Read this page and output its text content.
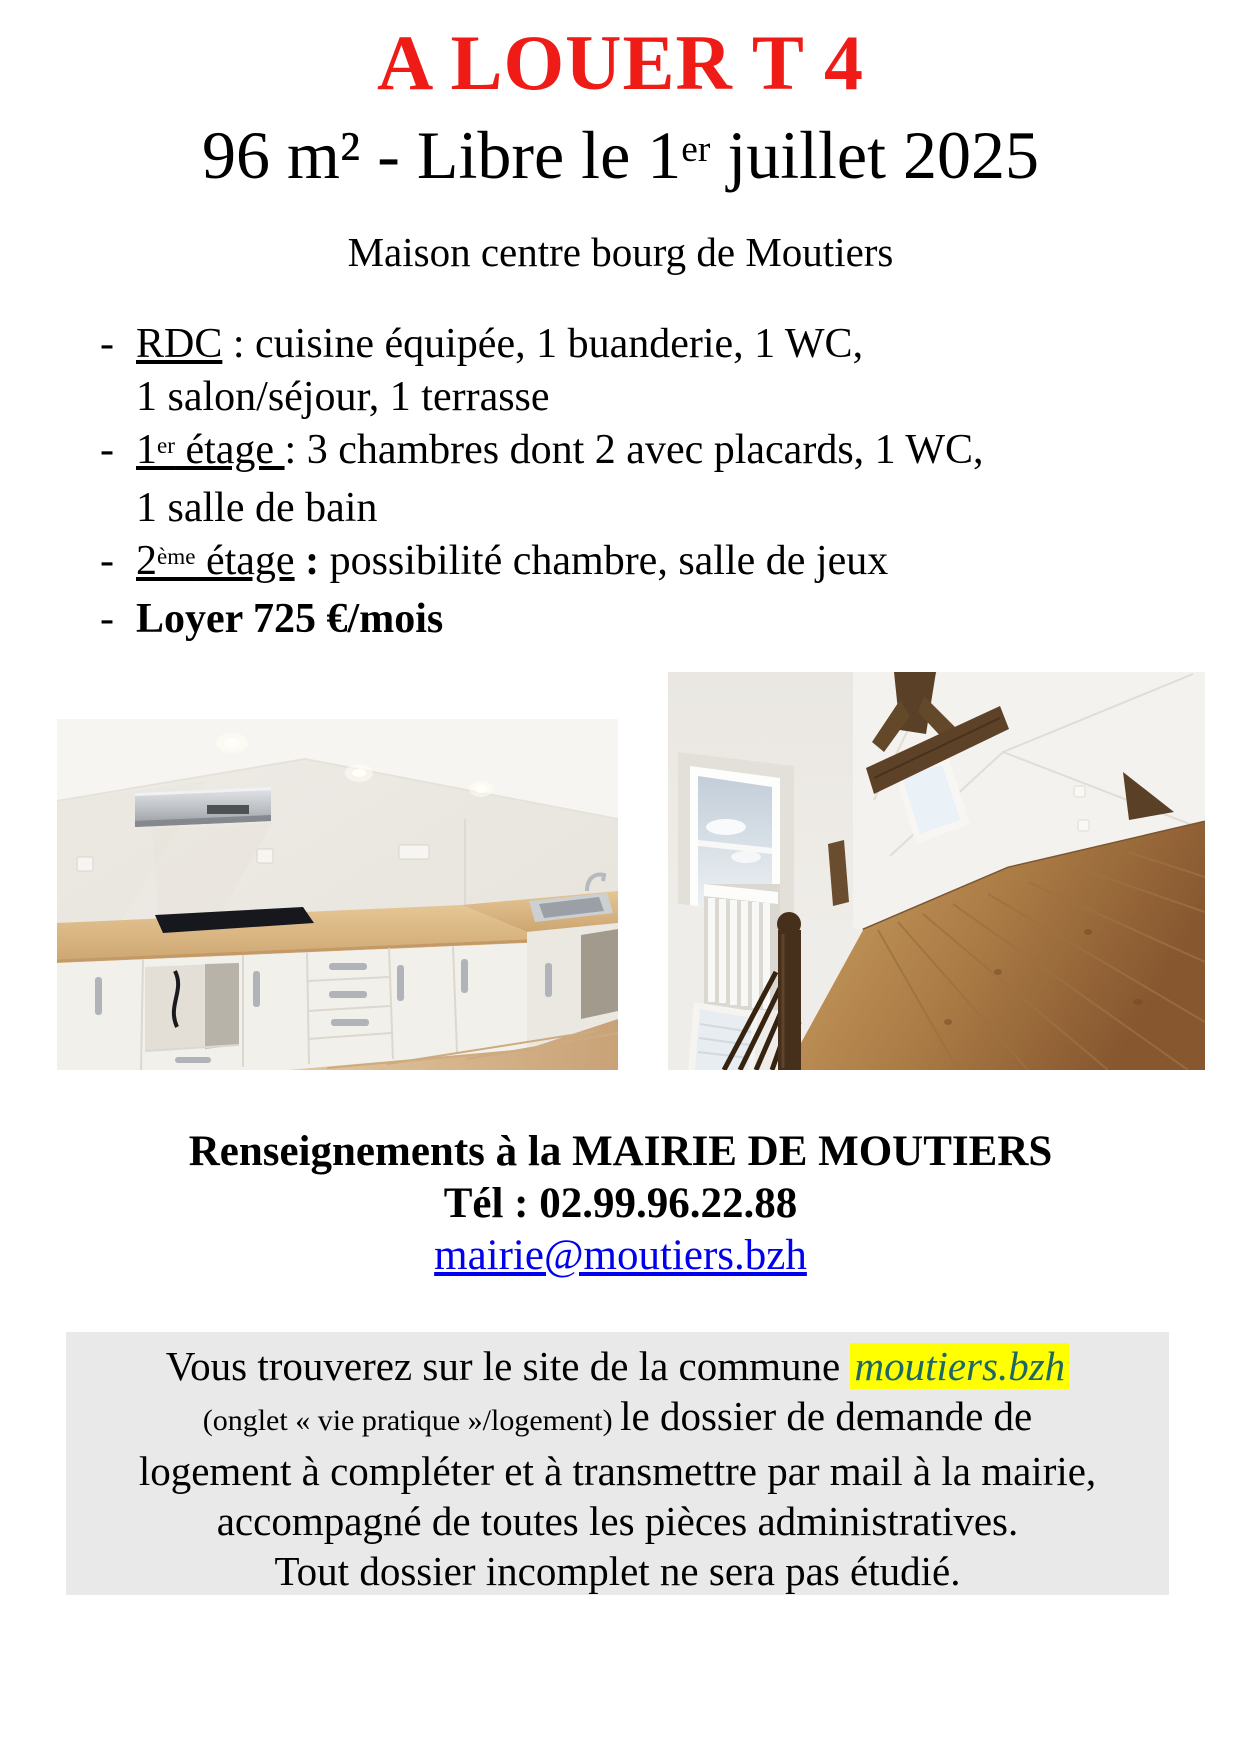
A LOUER T 4
96 m² - Libre le 1er juillet 2025
Maison centre bourg de Moutiers
- RDC : cuisine équipée, 1 buanderie, 1 WC,
1 salon/séjour, 1 terrasse
- 1er étage : 3 chambres dont 2 avec placards, 1 WC,
1 salle de bain
- 2ème étage : possibilité chambre, salle de jeux
- Loyer 725 €/mois
Renseignements à la MAIRIE DE MOUTIERS
Tél : 02.99.96.22.88
mairie@moutiers.bzh
Vous trouverez sur le site de la commune moutiers.bzh
(onglet « vie pratique »/logement) le dossier de demande de
logement à compléter et à transmettre par mail à la mairie,
accompagné de toutes les pièces administratives.
Tout dossier incomplet ne sera pas étudié.
